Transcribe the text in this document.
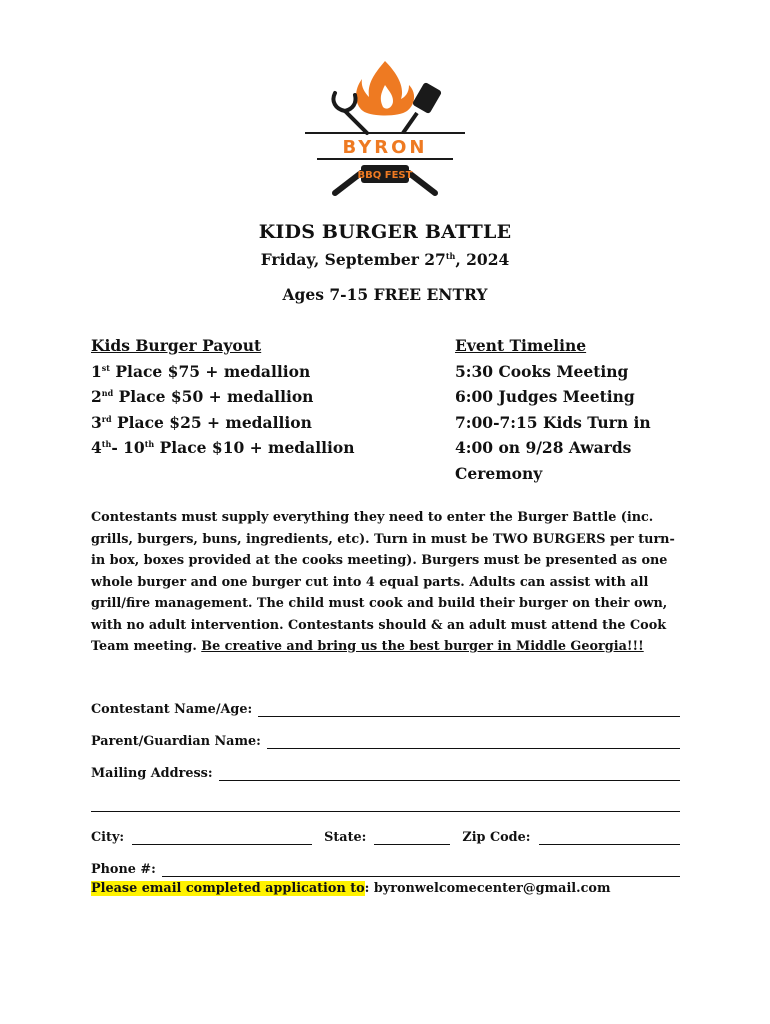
BYRON
BBQ FEST
KIDS BURGER BATTLE
Friday, September 27th, 2024
Ages 7-15 FREE ENTRY
Kids Burger Payout
1st Place $75 + medallion
2nd Place $50 + medallion
3rd Place $25 + medallion
4th- 10th Place $10 + medallion
Event Timeline
5:30 Cooks Meeting
6:00 Judges Meeting
7:00-7:15 Kids Turn in
4:00 on 9/28 Awards
Ceremony
Contestants must supply everything they need to enter the Burger Battle (inc. grills, burgers, buns, ingredients, etc). Turn in must be TWO BURGERS per turn-in box, boxes provided at the cooks meeting). Burgers must be presented as one whole burger and one burger cut into 4 equal parts. Adults can assist with all grill/fire management. The child must cook and build their burger on their own, with no adult intervention. Contestants should & an adult must attend the Cook Team meeting. Be creative and bring us the best burger in Middle Georgia!!!
Contestant Name/Age:
Parent/Guardian Name:
Mailing Address:
City:	State:	Zip Code:
Phone #:
Please email completed application to: byronwelcomecenter@gmail.com
